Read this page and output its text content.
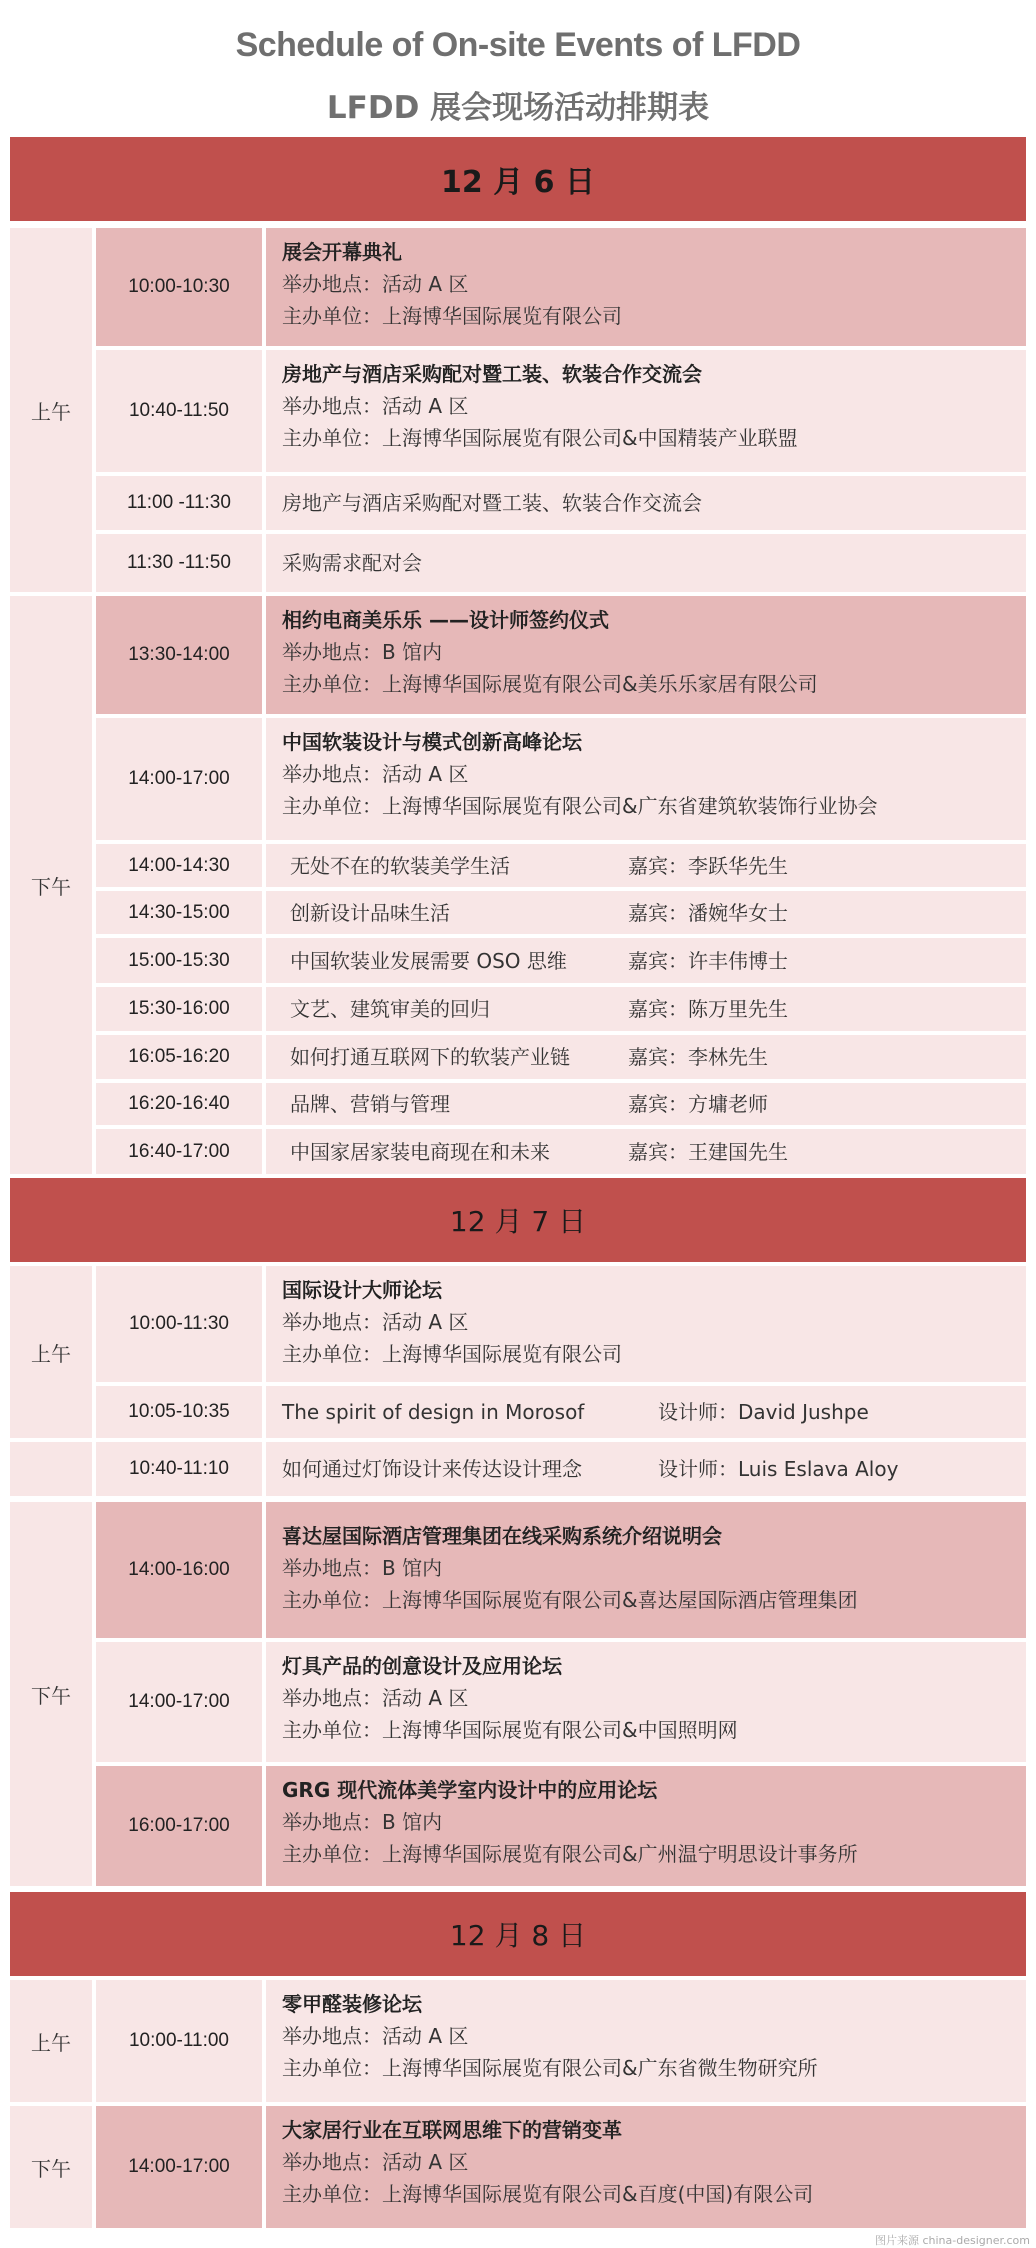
Schedule of On-site Events of LFDD
LFDD 展会现场活动排期表
12 月 6 日
上午
10:00-10:30
展会开幕典礼
举办地点：活动 A 区
主办单位：上海博华国际展览有限公司
10:40-11:50
房地产与酒店采购配对暨工装、软装合作交流会
举办地点：活动 A 区
主办单位：上海博华国际展览有限公司&中国精装产业联盟
11:00 -11:30	房地产与酒店采购配对暨工装、软装合作交流会
11:30 -11:50	采购需求配对会
下午
13:30-14:00
相约电商美乐乐 ——设计师签约仪式
举办地点：B 馆内
主办单位：上海博华国际展览有限公司&美乐乐家居有限公司
14:00-17:00
中国软装设计与模式创新高峰论坛
举办地点：活动 A 区
主办单位：上海博华国际展览有限公司&广东省建筑软装饰行业协会
14:00-14:30	无处不在的软装美学生活	嘉宾：李跃华先生
14:30-15:00	创新设计品味生活	嘉宾：潘婉华女士
15:00-15:30	中国软装业发展需要 OSO 思维	嘉宾：许丰伟博士
15:30-16:00	文艺、建筑审美的回归	嘉宾：陈万里先生
16:05-16:20	如何打通互联网下的软装产业链	嘉宾：李林先生
16:20-16:40	品牌、营销与管理	嘉宾：方墉老师
16:40-17:00	中国家居家装电商现在和未来	嘉宾：王建国先生
12 月 7 日
上午
10:00-11:30
国际设计大师论坛
举办地点：活动 A 区
主办单位：上海博华国际展览有限公司
10:05-10:35	The spirit of design in Morosof	设计师：David Jushpe
10:40-11:10	如何通过灯饰设计来传达设计理念	设计师：Luis Eslava Aloy
下午
14:00-16:00
喜达屋国际酒店管理集团在线采购系统介绍说明会
举办地点：B 馆内
主办单位：上海博华国际展览有限公司&喜达屋国际酒店管理集团
14:00-17:00
灯具产品的创意设计及应用论坛
举办地点：活动 A 区
主办单位：上海博华国际展览有限公司&中国照明网
16:00-17:00
GRG 现代流体美学室内设计中的应用论坛
举办地点：B 馆内
主办单位：上海博华国际展览有限公司&广州温宁明思设计事务所
12 月 8 日
上午	10:00-11:00
零甲醛装修论坛
举办地点：活动 A 区
主办单位：上海博华国际展览有限公司&广东省微生物研究所
下午	14:00-17:00
大家居行业在互联网思维下的营销变革
举办地点：活动 A 区
主办单位：上海博华国际展览有限公司&百度(中国)有限公司
图片来源 china-designer.com
